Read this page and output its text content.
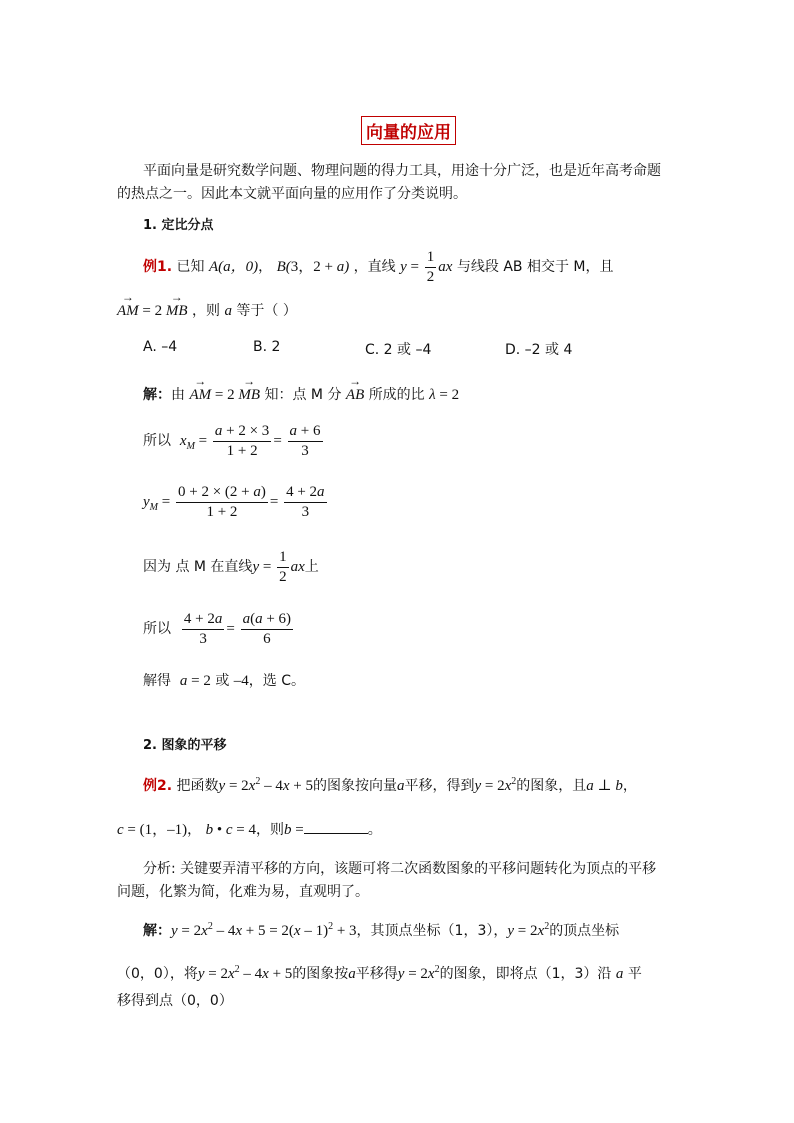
向量的应用
平面向量是研究数学问题、物理问题的得力工具，用途十分广泛，也是近年高考命题
的热点之一。因此本文就平面向量的应用作了分类说明。
1. 定比分点
例1. 已知 A(a，0)， B(3，2 + a) ，直线 $y = \frac{1}{2}$ ax 与线段 AB 相交于 M，且
→ AM = 2 → MB ，则 a 等于（ ）
A. –4	B. 2	C. 2 或 –4	D. –2 或 4
解：由 → AM = 2 → MB 知：点 M 分 → AB 所成的比 λ = 2
所以 $x_M = \frac{a + 2 \times 3}{1 + 2} = \frac{a + 6}{3}$
$y_M = \frac{0 + 2 \times (2 + a)}{1 + 2} = \frac{4 + 2a}{3}$
因为 点 M 在直线$y = \frac{1}{2}$ ax上
所以 $\frac{4 + 2a}{3} = \frac{a(a + 6)}{6}$
解得 a = 2 或 –4，选 C。
2. 图象的平移
例2. 把函数$y = 2x^2 - 4x + 5$的图象按向量a平移，得到$y = 2x^2$的图象，且a ⊥ b，
c = (1，–1)， b • c = 4，则b =	。
分析: 关键要弄清平移的方向，该题可将二次函数图象的平移问题转化为顶点的平移
问题，化繁为简，化难为易，直观明了。
解：$y = 2x^2 - 4x + 5 = 2(x - 1)^2 + 3$，其顶点坐标（1，3），$y = 2x^2$的顶点坐标
（0，0），将$y = 2x^2 - 4x + 5$的图象按a平移得$y = 2x^2$的图象，即将点（1，3）沿 a 平
移得到点（0，0）
